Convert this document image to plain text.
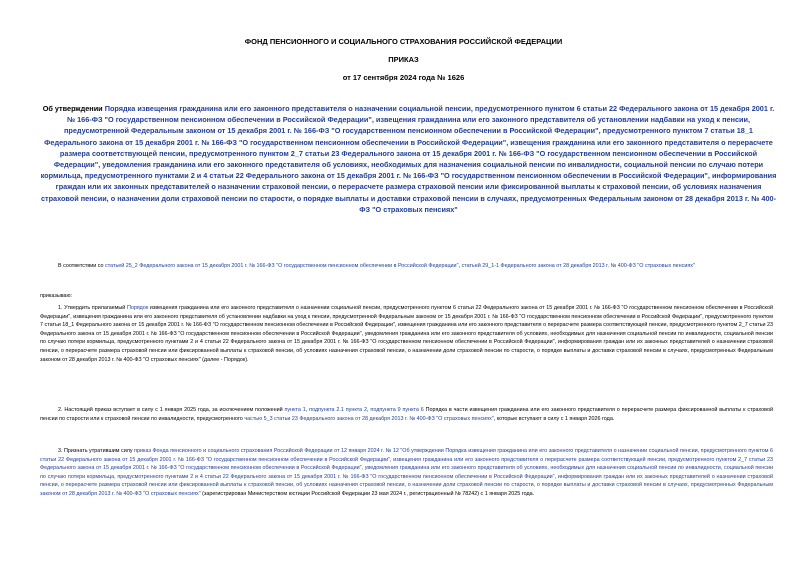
ФОНД ПЕНСИОННОГО И СОЦИАЛЬНОГО СТРАХОВАНИЯ РОССИЙСКОЙ ФЕДЕРАЦИИ
ПРИКАЗ
от 17 сентября 2024 года № 1626
Об утверждении Порядка извещения гражданина или его законного представителя о назначении социальной пенсии, предусмотренного пунктом 6 статьи 22 Федерального закона от 15 декабря 2001 г. № 166-ФЗ "О государственном пенсионном обеспечении в Российской Федерации", извещения гражданина или его законного представителя об установлении надбавки на уход к пенсии, предусмотренной Федеральным законом от 15 декабря 2001 г. № 166-ФЗ "О государственном пенсионном обеспечении в Российской Федерации", предусмотренного пунктом 7 статьи 18_1 Федерального закона от 15 декабря 2001 г. № 166-ФЗ "О государственном пенсионном обеспечении в Российской Федерации", извещения гражданина или его законного представителя о перерасчете размера соответствующей пенсии, предусмотренного пунктом 2_7 статьи 23 Федерального закона от 15 декабря 2001 г. № 166-ФЗ "О государственном пенсионном обеспечении в Российской Федерации", уведомления гражданина или его законного представителя об условиях, необходимых для назначения социальной пенсии по инвалидности, социальной пенсии по случаю потери кормильца, предусмотренного пунктами 2 и 4 статьи 22 Федерального закона от 15 декабря 2001 г. № 166-ФЗ "О государственном пенсионном обеспечении в Российской Федерации", информирования граждан или их законных представителей о назначении страховой пенсии, о перерасчете размера страховой пенсии или фиксированной выплаты к страховой пенсии, об условиях назначения страховой пенсии, о назначении доли страховой пенсии по старости, о порядке выплаты и доставки страховой пенсии в случаях, предусмотренных Федеральным законом от 28 декабря 2013 г. № 400-ФЗ "О страховых пенсиях"
В соответствии со статьей 25_2 Федерального закона от 15 декабря 2001 г. № 166-ФЗ "О государственном пенсионном обеспечении в Российской Федерации", статьей 29_1-1 Федерального закона от 28 декабря 2013 г. № 400-ФЗ "О страховых пенсиях"
приказываю:
1. Утвердить прилагаемый Порядок извещения гражданина или его законного представителя о назначении социальной пенсии, предусмотренного пунктом 6 статьи 22 Федерального закона от 15 декабря 2001 г. № 166-ФЗ "О государственном пенсионном обеспечении в Российской Федерации", извещения гражданина или его законного представителя об установлении надбавки на уход к пенсии, предусмотренной Федеральным законом от 15 декабря 2001 г. № 166-ФЗ "О государственном пенсионном обеспечении в Российской Федерации", предусмотренного пунктом 7 статьи 18_1 Федерального закона от 15 декабря 2001 г. № 166-ФЗ "О государственном пенсионном обеспечении в Российской Федерации", извещения гражданина или его законного представителя о перерасчете размера соответствующей пенсии, предусмотренного пунктом 2_7 статьи 23 Федерального закона от 15 декабря 2001 г. № 166-ФЗ "О государственном пенсионном обеспечении в Российской Федерации", уведомления гражданина или его законного представителя об условиях, необходимых для назначения социальной пенсии по инвалидности, социальной пенсии по случаю потери кормильца, предусмотренного пунктами 2 и 4 статьи 22 Федерального закона от 15 декабря 2001 г. № 166-ФЗ "О государственном пенсионном обеспечении в Российской Федерации", информирования граждан или их законных представителей о назначении страховой пенсии, о перерасчете размера страховой пенсии или фиксированной выплаты к страховой пенсии, об условиях назначения страховой пенсии, о назначении доли страховой пенсии по старости, о порядке выплаты и доставки страховой пенсии в случаях, предусмотренных Федеральным законом от 28 декабря 2013 г. № 400-ФЗ "О страховых пенсиях" (далее - Порядок).
2. Настоящий приказ вступает в силу с 1 января 2025 года, за исключением положений пункта 1, подпункта 2.1 пункта 2, подпункта 9 пункта 6 Порядка в части извещения гражданина или его законного представителя о перерасчете размера фиксированной выплаты к страховой пенсии по старости или к страховой пенсии по инвалидности, предусмотренного частью 5_3 статьи 23 Федерального закона от 28 декабря 2013 г. № 400-ФЗ "О страховых пенсиях", которые вступают в силу с 1 января 2026 года.
3. Признать утратившим силу приказ Фонда пенсионного и социального страхования Российской Федерации от 12 января 2024 г. № 12 "Об утверждении Порядка извещения гражданина или его законного представителя о назначении социальной пенсии, предусмотренного пунктом 6 статьи 22 Федерального закона от 15 декабря 2001 г. № 166-ФЗ "О государственном пенсионном обеспечении в Российской Федерации", извещения гражданина или его законного представителя о перерасчете размера соответствующей пенсии, предусмотренного пунктом 2_7 статьи 23 Федерального закона от 15 декабря 2001 г. № 166-ФЗ "О государственном пенсионном обеспечении в Российской Федерации", уведомления гражданина или его законного представителя об условиях, необходимых для назначения социальной пенсии по инвалидности, социальной пенсии по случаю потери кормильца, предусмотренного пунктами 2 и 4 статьи 22 Федерального закона от 15 декабря 2001 г. № 166-ФЗ "О государственном пенсионном обеспечении в Российской Федерации", информирования граждан или их законных представителей о назначении страховой пенсии, о перерасчете размера страховой пенсии или фиксированной выплаты к страховой пенсии, об условиях назначения страховой пенсии, о назначении доли страховой пенсии по старости, о порядке выплаты и доставки страховой пенсии в случаях, предусмотренных Федеральным законом от 28 декабря 2013 г. № 400-ФЗ "О страховых пенсиях" (зарегистрирован Министерством юстиции Российской Федерации 23 мая 2024 г., регистрационный № 78242) с 1 января 2025 года.
